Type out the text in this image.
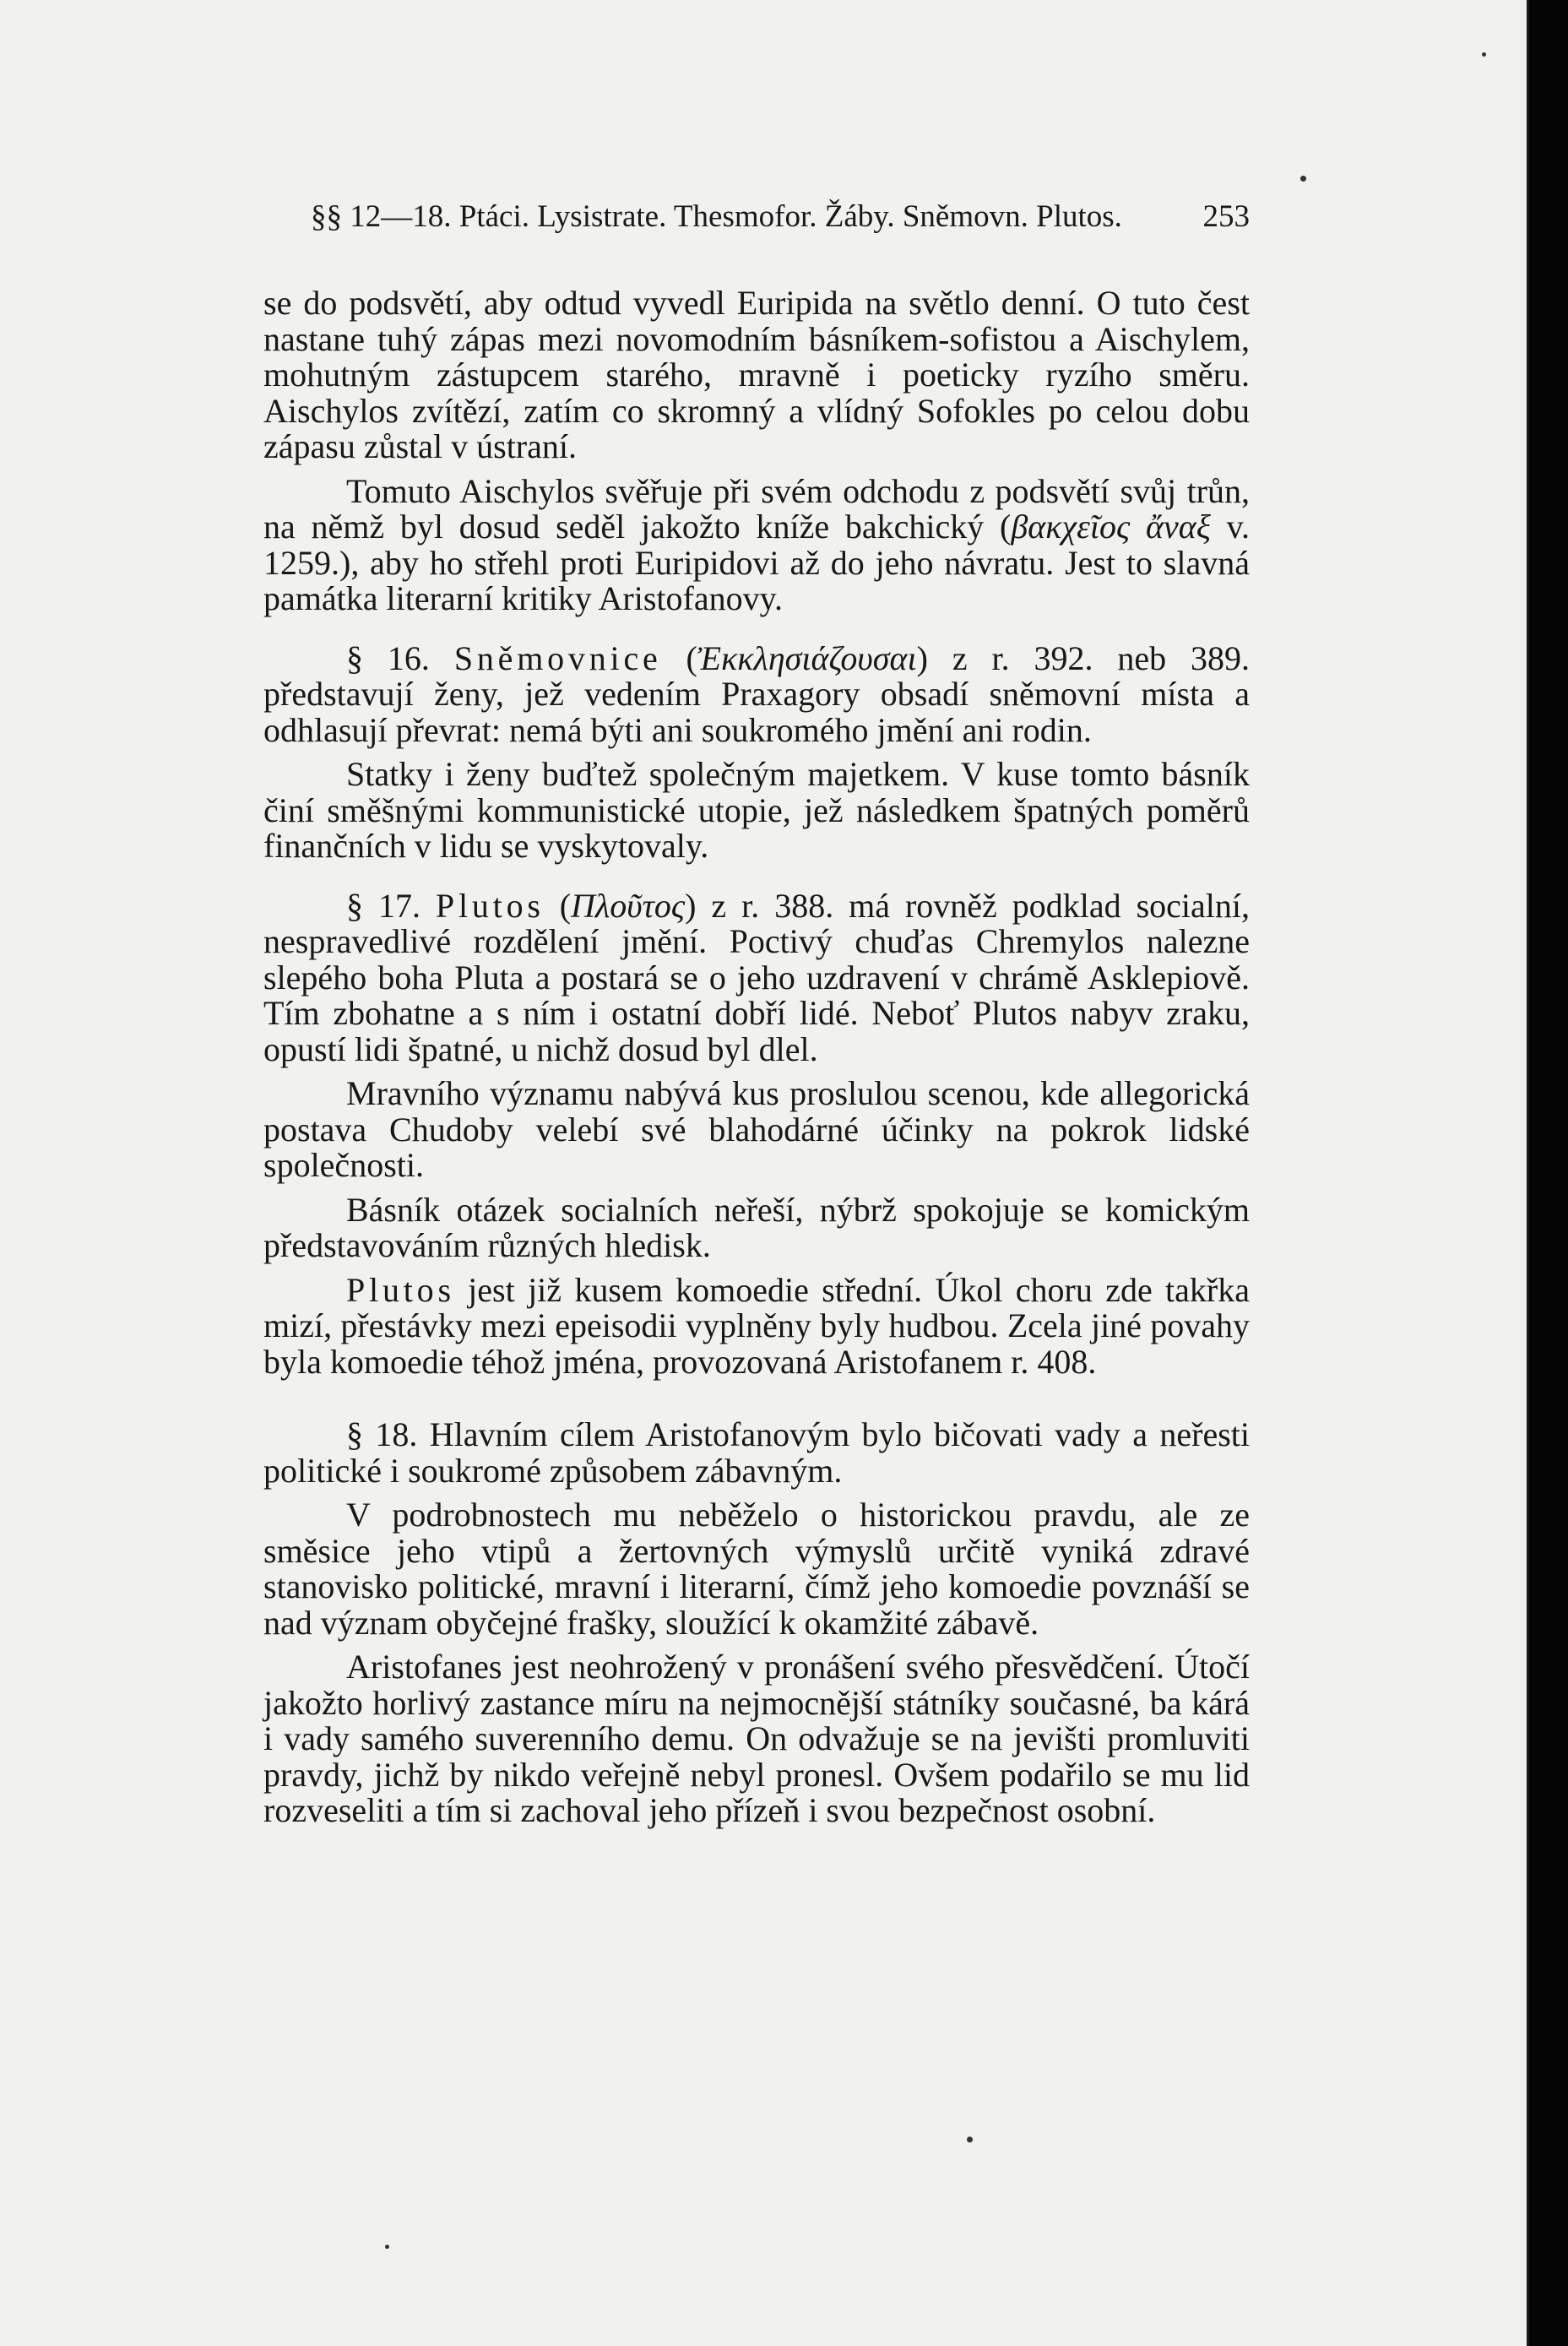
§§ 12—18. Ptáci. Lysistrate. Thesmofor. Žáby. Sněmovn. Plutos.	253

se do podsvětí, aby odtud vyvedl Euripida na světlo denní. O tuto čest nastane tuhý zápas mezi novomodním básníkem-sofistou a Aischylem, mohutným zástupcem starého, mravně i poeticky ryzího směru. Aischylos zvítězí, zatím co skromný a vlídný Sofokles po celou dobu zápasu zůstal v ústraní.

Tomuto Aischylos svěřuje při svém odchodu z podsvětí svůj trůn, na němž byl dosud seděl jakožto kníže bakchický (βακχεῖος ἄναξ v. 1259.), aby ho střehl proti Euripidovi až do jeho návratu. Jest to slavná památka literarní kritiky Aristofanovy.

§ 16. Sněmovnice (Ἐκκλησιάζουσαι) z r. 392. neb 389. představují ženy, jež vedením Praxagory obsadí sněmovní místa a odhlasují převrat: nemá býti ani soukromého jmění ani rodin.

Statky i ženy buďtež společným majetkem. V kuse tomto básník činí směšnými kommunistické utopie, jež následkem špatných poměrů finančních v lidu se vyskytovaly.

§ 17. Plutos (Πλοῦτος) z r. 388. má rovněž podklad socialní, nespravedlivé rozdělení jmění. Poctivý chuďas Chremylos nalezne slepého boha Pluta a postará se o jeho uzdravení v chrámě Asklepiově. Tím zbohatne a s ním i ostatní dobří lidé. Neboť Plutos nabyv zraku, opustí lidi špatné, u nichž dosud byl dlel.

Mravního významu nabývá kus proslulou scenou, kde allegorická postava Chudoby velebí své blahodárné účinky na pokrok lidské společnosti.

Básník otázek socialních neřeší, nýbrž spokojuje se komickým představováním různých hledisk.

Plutos jest již kusem komoedie střední. Úkol choru zde takřka mizí, přestávky mezi epeisodii vyplněny byly hudbou. Zcela jiné povahy byla komoedie téhož jména, provozovaná Aristofanem r. 408.

§ 18. Hlavním cílem Aristofanovým bylo bičovati vady a neřesti politické i soukromé způsobem zábavným.

V podrobnostech mu neběželo o historickou pravdu, ale ze směsice jeho vtipů a žertovných výmyslů určitě vyniká zdravé stanovisko politické, mravní i literarní, čímž jeho komoedie povznáší se nad význam obyčejné frašky, sloužící k okamžité zábavě.

Aristofanes jest neohrožený v pronášení svého přesvědčení. Útočí jakožto horlivý zastance míru na nejmocnější státníky současné, ba kárá i vady samého suverenního demu. On odvažuje se na jevišti promluviti pravdy, jichž by nikdo veřejně nebyl pronesl. Ovšem podařilo se mu lid rozveseliti a tím si zachoval jeho přízeň i svou bezpečnost osobní.
